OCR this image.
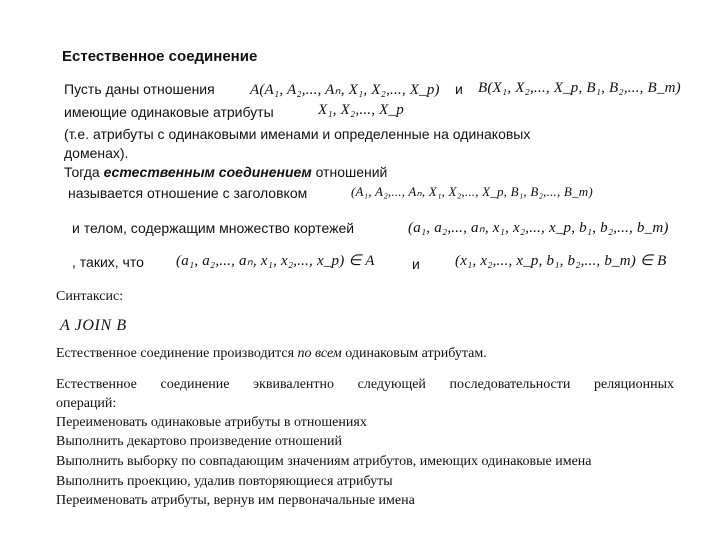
Естественное соединение
Пусть даны отношения A(A₁, A₂,..., Aₙ, X₁, X₂,..., X_p) и B(X₁, X₂,..., X_p, B₁, B₂,..., B_m)
имеющие одинаковые атрибуты	X₁, X₂,..., X_p
(т.е. атрибуты с одинаковыми именами и определенные на одинаковых
доменах).
Тогда естественным соединением отношений
называется отношение с заголовком	(A₁, A₂,..., Aₙ, X₁, X₂,..., X_p, B₁, B₂,..., B_m)
и телом, содержащим множество кортежей	(a₁, a₂,..., aₙ, x₁, x₂,..., x_p, b₁, b₂,..., b_m)
, таких, что (a₁, a₂,..., aₙ, x₁, x₂,..., x_p) ∈ A	и (x₁, x₂,..., x_p, b₁, b₂,..., b_m) ∈ B
Синтаксис:
A JOIN B
Естественное соединение производится по всем одинаковым атрибутам.
Естественное соединение эквивалентно следующей последовательности реляционных
операций:
Переименовать одинаковые атрибуты в отношениях
Выполнить декартово произведение отношений
Выполнить выборку по совпадающим значениям атрибутов, имеющих одинаковые имена
Выполнить проекцию, удалив повторяющиеся атрибуты
Переименовать атрибуты, вернув им первоначальные имена
